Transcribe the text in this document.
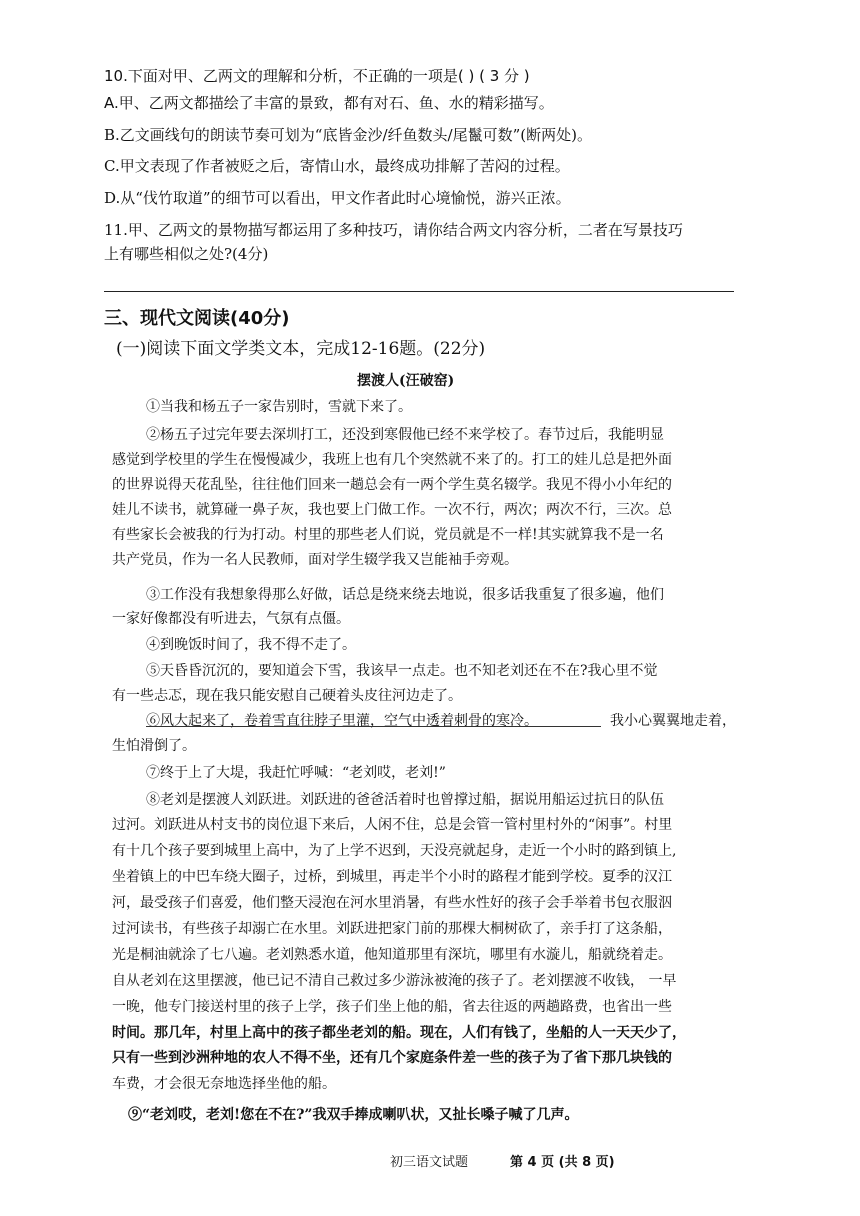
10.下面对甲、乙两文的理解和分析，不正确的一项是( ) ( 3 分 )
A.甲、乙两文都描绘了丰富的景致，都有对石、鱼、水的精彩描写。
B.乙文画线句的朗读节奏可划为“底皆金沙/纤鱼数头/尾鬣可数”(断两处)。
C.甲文表现了作者被贬之后，寄情山水，最终成功排解了苦闷的过程。
D.从“伐竹取道”的细节可以看出，甲文作者此时心境愉悦，游兴正浓。
11.甲、乙两文的景物描写都运用了多种技巧，请你结合两文内容分析，二者在写景技巧
上有哪些相似之处?(4分)
三、现代文阅读(40分)
(一)阅读下面文学类文本，完成12-16题。(22分)
摆渡人(汪破窑)
①当我和杨五子一家告别时，雪就下来了。
②杨五子过完年要去深圳打工，还没到寒假他已经不来学校了。春节过后，我能明显
感觉到学校里的学生在慢慢减少，我班上也有几个突然就不来了的。打工的娃儿总是把外面
的世界说得天花乱坠，往往他们回来一趟总会有一两个学生莫名辍学。我见不得小小年纪的
娃儿不读书，就算碰一鼻子灰，我也要上门做工作。一次不行，两次；两次不行，三次。总
有些家长会被我的行为打动。村里的那些老人们说，党员就是不一样!其实就算我不是一名
共产党员，作为一名人民教师，面对学生辍学我又岂能袖手旁观。
③工作没有我想象得那么好做，话总是绕来绕去地说，很多话我重复了很多遍，他们
一家好像都没有听进去，气氛有点僵。
④到晚饭时间了，我不得不走了。
⑤天昏昏沉沉的，要知道会下雪，我该早一点走。也不知老刘还在不在?我心里不觉
有一些忐忑，现在我只能安慰自己硬着头皮往河边走了。
⑥风大起来了，卷着雪直往脖子里灌，空气中透着刺骨的寒冷。	我小心翼翼地走着，
生怕滑倒了。
⑦终于上了大堤，我赶忙呼喊：“老刘哎，老刘!”
⑧老刘是摆渡人刘跃进。刘跃进的爸爸活着时也曾撑过船，据说用船运过抗日的队伍
过河。刘跃进从村支书的岗位退下来后，人闲不住，总是会管一管村里村外的“闲事”。村里
有十几个孩子要到城里上高中，为了上学不迟到，天没亮就起身，走近一个小时的路到镇上,
坐着镇上的中巴车绕大圈子，过桥，到城里，再走半个小时的路程才能到学校。夏季的汉江
河，最受孩子们喜爱，他们整天浸泡在河水里消暑，有些水性好的孩子会手举着书包衣服泅
过河读书，有些孩子却溺亡在水里。刘跃进把家门前的那棵大桐树砍了，亲手打了这条船，
光是桐油就涂了七八遍。老刘熟悉水道，他知道那里有深坑，哪里有水漩儿，船就绕着走。
自从老刘在这里摆渡，他已记不清自己救过多少游泳被淹的孩子了。老刘摆渡不收钱， 一早
一晚，他专门接送村里的孩子上学，孩子们坐上他的船，省去往返的两趟路费，也省出一些
时间。那几年，村里上高中的孩子都坐老刘的船。现在，人们有钱了，坐船的人一天天少了，
只有一些到沙洲种地的农人不得不坐，还有几个家庭条件差一些的孩子为了省下那几块钱的
车费，才会很无奈地选择坐他的船。
⑨“老刘哎，老刘!您在不在?”我双手捧成喇叭状，又扯长嗓子喊了几声。
初三语文试题	第 4 页 (共 8 页)
